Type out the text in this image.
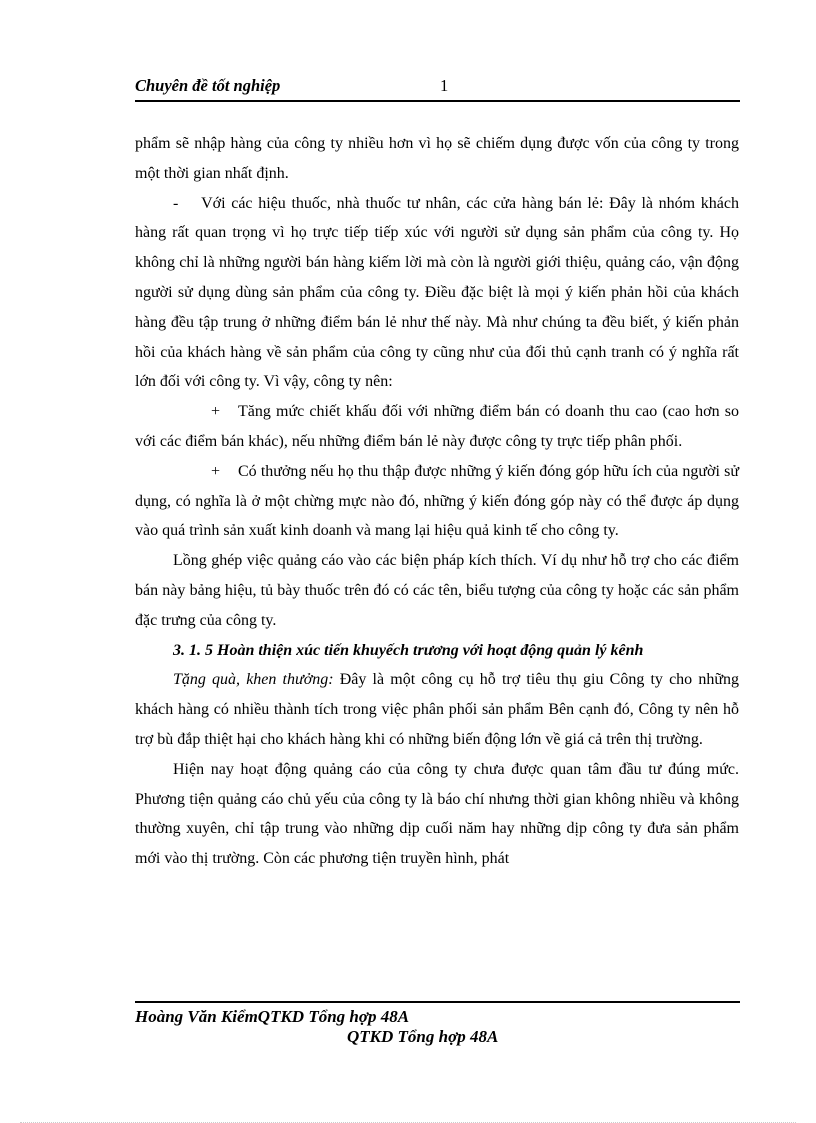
Chuyên đề tốt nghiệp	1

phẩm sẽ nhập hàng của công ty nhiều hơn vì họ sẽ chiếm dụng được vốn của công ty trong một thời gian nhất định.

- Với các hiệu thuốc, nhà thuốc tư nhân, các cửa hàng bán lẻ: Đây là nhóm khách hàng rất quan trọng vì họ trực tiếp tiếp xúc với người sử dụng sản phẩm của công ty. Họ không chỉ là những người bán hàng kiếm lời mà còn là người giới thiệu, quảng cáo, vận động người sử dụng dùng sản phẩm của công ty. Điều đặc biệt là mọi ý kiến phản hồi của khách hàng đều tập trung ở những điểm bán lẻ như thế này. Mà như chúng ta đều biết, ý kiến phản hồi của khách hàng về sản phẩm của công ty cũng như của đối thủ cạnh tranh có ý nghĩa rất lớn đối với công ty. Vì vậy, công ty nên:

+ Tăng mức chiết khấu đối với những điểm bán có doanh thu cao (cao hơn so với các điểm bán khác), nếu những điểm bán lẻ này được công ty trực tiếp phân phối.

+ Có thưởng nếu họ thu thập được những ý kiến đóng góp hữu ích của người sử dụng, có nghĩa là ở một chừng mực nào đó, những ý kiến đóng góp này có thể được áp dụng vào quá trình sản xuất kinh doanh và mang lại hiệu quả kinh tế cho công ty.

Lồng ghép việc quảng cáo vào các biện pháp kích thích. Ví dụ như hỗ trợ cho các điểm bán này bảng hiệu, tủ bày thuốc trên đó có các tên, biểu tượng của công ty hoặc các sản phẩm đặc trưng của công ty.

3. 1. 5 Hoàn thiện xúc tiến khuyếch trương với hoạt động quản lý kênh

Tặng quà, khen thưởng: Đây là một công cụ hỗ trợ tiêu thụ giu Công ty cho những khách hàng có nhiều thành tích trong việc phân phối sản phẩm Bên cạnh đó, Công ty nên hỗ trợ bù đắp thiệt hại cho khách hàng khi có những biến động lớn về giá cả trên thị trường.

Hiện nay hoạt động quảng cáo của công ty chưa được quan tâm đầu tư đúng mức. Phương tiện quảng cáo chủ yếu của công ty là báo chí nhưng thời gian không nhiều và không thường xuyên, chỉ tập trung vào những dịp cuối năm hay những dịp công ty đưa sản phẩm mới vào thị trường. Còn các phương tiện truyền hình, phát

Hoàng Văn KiểmQTKD Tổng hợp 48A
QTKD Tổng hợp 48A
